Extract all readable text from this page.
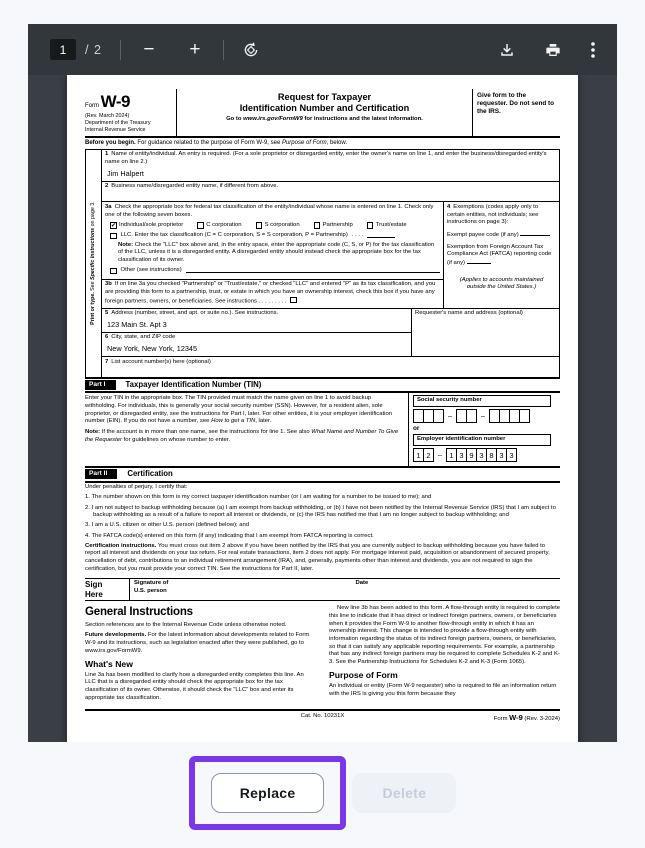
1	/ 2 − +
Form W-9
(Rev. March 2024)
Department of the Treasury
Internal Revenue Service
Request for Taxpayer
Identification Number and Certification
Go to www.irs.gov/FormW9 for instructions and the latest information.
Give form to the requester. Do not send to the IRS.
Before you begin. For guidance related to the purpose of Form W-9, see Purpose of Form, below.
Print or type.
See Specific Instructions on page 3.
1 Name of entity/individual. An entry is required. (For a sole proprietor or disregarded entity, enter the owner's name on line 1, and enter the business/disregarded entity's name on line 2.)
Jim Halpert
2 Business name/disregarded entity name, if different from above.
3a Check the appropriate box for federal tax classification of the entity/individual whose name is entered on line 1. Check only one of the following seven boxes.
✔ Individual/sole proprietor	C corporation	S corporation	Partnership	Trust/estate
LLC. Enter the tax classification (C = C corporation, S = S corporation, P = Partnership) . . . .
Note: Check the "LLC" box above and, in the entry space, enter the appropriate code (C, S, or P) for the tax classification of the LLC, unless it is a disregarded entity. A disregarded entity should instead check the appropriate box for the tax classification of its owner.
Other (see instructions)
3b If on line 3a you checked "Partnership" or "Trust/estate," or checked "LLC" and entered "P" as its tax classification, and you are providing this form to a partnership, trust, or estate in which you have an ownership interest, check this box if you have any foreign partners, owners, or beneficiaries. See instructions . . . . . . . . .
4 Exemptions (codes apply only to certain entities, not individuals; see instructions on page 3):
Exempt payee code (if any)
Exemption from Foreign Account Tax Compliance Act (FATCA) reporting code (if any)
(Applies to accounts maintained outside the United States.)
5 Address (number, street, and apt. or suite no.). See instructions.
123 Main St. Apt 3
6 City, state, and ZIP code
New York, New York, 12345
Requester's name and address (optional)
7 List account number(s) here (optional)
Part I	Taxpayer Identification Number (TIN)

Enter your TIN in the appropriate box. The TIN provided must match the name given on line 1 to avoid backup withholding. For individuals, this is generally your social security number (SSN). However, for a resident alien, sole proprietor, or disregarded entity, see the instructions for Part I, later. For other entities, it is your employer identification number (EIN). If you do not have a number, see How to get a TIN, later.

Note: If the account is in more than one name, see the instructions for line 1. See also What Name and Number To Give the Requester for guidelines on whose number to enter.

Social security number
–	–
or
Employer identification number
1 2	– 1 3 9 3 8 3 3
Part II	Certification

Under penalties of perjury, I certify that:

1. The number shown on this form is my correct taxpayer identification number (or I am waiting for a number to be issued to me); and

2. I am not subject to backup withholding because (a) I am exempt from backup withholding, or (b) I have not been notified by the Internal Revenue Service (IRS) that I am subject to backup withholding as a result of a failure to report all interest or dividends, or (c) the IRS has notified me that I am no longer subject to backup withholding; and

3. I am a U.S. citizen or other U.S. person (defined below); and

4. The FATCA code(s) entered on this form (if any) indicating that I am exempt from FATCA reporting is correct.

Certification instructions. You must cross out item 2 above if you have been notified by the IRS that you are currently subject to backup withholding because you have failed to report all interest and dividends on your tax return. For real estate transactions, item 2 does not apply. For mortgage interest paid, acquisition or abandonment of secured property, cancellation of debt, contributions to an individual retirement arrangement (IRA), and, generally, payments other than interest and dividends, you are not required to sign the certification, but you must provide your correct TIN. See the instructions for Part II, later.

Sign
Here
Signature of
U.S. person
Date
General Instructions

Section references are to the Internal Revenue Code unless otherwise noted.

Future developments. For the latest information about developments related to Form W-9 and its instructions, such as legislation enacted after they were published, go to www.irs.gov/FormW9.

What's New

Line 3a has been modified to clarify how a disregarded entity completes this line. An LLC that is a disregarded entity should check the appropriate box for the tax classification of its owner. Otherwise, it should check the "LLC" box and enter its appropriate tax classification.

New line 3b has been added to this form. A flow-through entity is required to complete this line to indicate that it has direct or indirect foreign partners, owners, or beneficiaries when it provides the Form W-9 to another flow-through entity in which it has an ownership interest. This change is intended to provide a flow-through entity with information regarding the status of its indirect foreign partners, owners, or beneficiaries, so that it can satisfy any applicable reporting requirements. For example, a partnership that has any indirect foreign partners may be required to complete Schedules K-2 and K-3. See the Partnership Instructions for Schedules K-2 and K-3 (Form 1065).

Purpose of Form

An individual or entity (Form W-9 requester) who is required to file an information return with the IRS is giving you this form because they

Cat. No. 10231X	Form W-9 (Rev. 3-2024)
Replace	Delete
